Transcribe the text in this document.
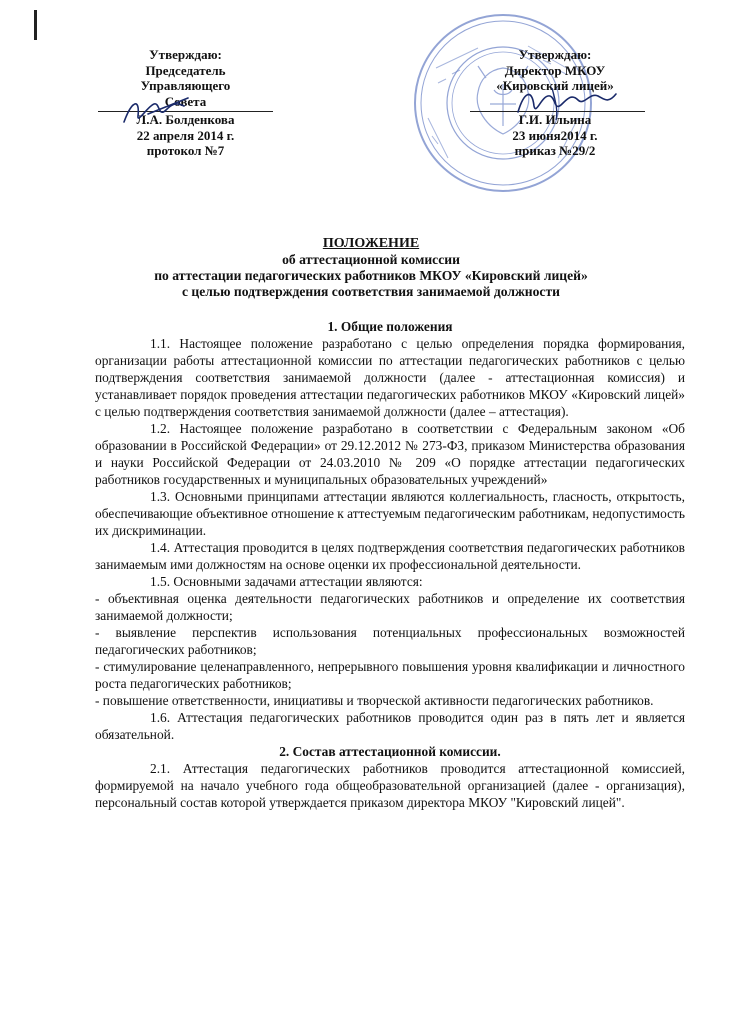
Утверждаю:
Председатель
Управляющего
Совета
Л.А. Болденкова
22 апреля 2014 г.
протокол №7
Утверждаю:
Директор МКОУ
«Кировский лицей»
Г.И. Ильина
23 июня2014 г.
приказ №29/2
ПОЛОЖЕНИЕ
об аттестационной комиссии
по аттестации педагогических работников МКОУ «Кировский лицей»
с целью подтверждения соответствия занимаемой должности

1. Общие положения

1.1. Настоящее положение разработано с целью определения порядка формирования, организации работы аттестационной комиссии по аттестации педагогических работников с целью подтверждения соответствия занимаемой должности (далее - аттестационная комиссия) и устанавливает порядок проведения аттестации педагогических работников МКОУ «Кировский лицей» с целью подтверждения соответствия занимаемой должности (далее – аттестация).

1.2. Настоящее положение разработано в соответствии с Федеральным законом «Об образовании в Российской Федерации» от 29.12.2012 № 273-ФЗ, приказом Министерства образования и науки Российской Федерации от 24.03.2010 № 209 «О порядке аттестации педагогических работников государственных и муниципальных образовательных учреждений»

1.3. Основными принципами аттестации являются коллегиальность, гласность, открытость, обеспечивающие объективное отношение к аттестуемым педагогическим работникам, недопустимость их дискриминации.

1.4. Аттестация проводится в целях подтверждения соответствия педагогических работников занимаемым ими должностям на основе оценки их профессиональной деятельности.

1.5. Основными задачами аттестации являются:

- объективная оценка деятельности педагогических работников и определение их соответствия занимаемой должности;

- выявление перспектив использования потенциальных профессиональных возможностей педагогических работников;

- стимулирование целенаправленного, непрерывного повышения уровня квалификации и личностного роста педагогических работников;

- повышение ответственности, инициативы и творческой активности педагогических работников.

1.6. Аттестация педагогических работников проводится один раз в пять лет и является обязательной.

2. Состав аттестационной комиссии.

2.1. Аттестация педагогических работников проводится аттестационной комиссией, формируемой на начало учебного года общеобразовательной организацией (далее - организация), персональный состав которой утверждается приказом директора МКОУ "Кировский лицей".
